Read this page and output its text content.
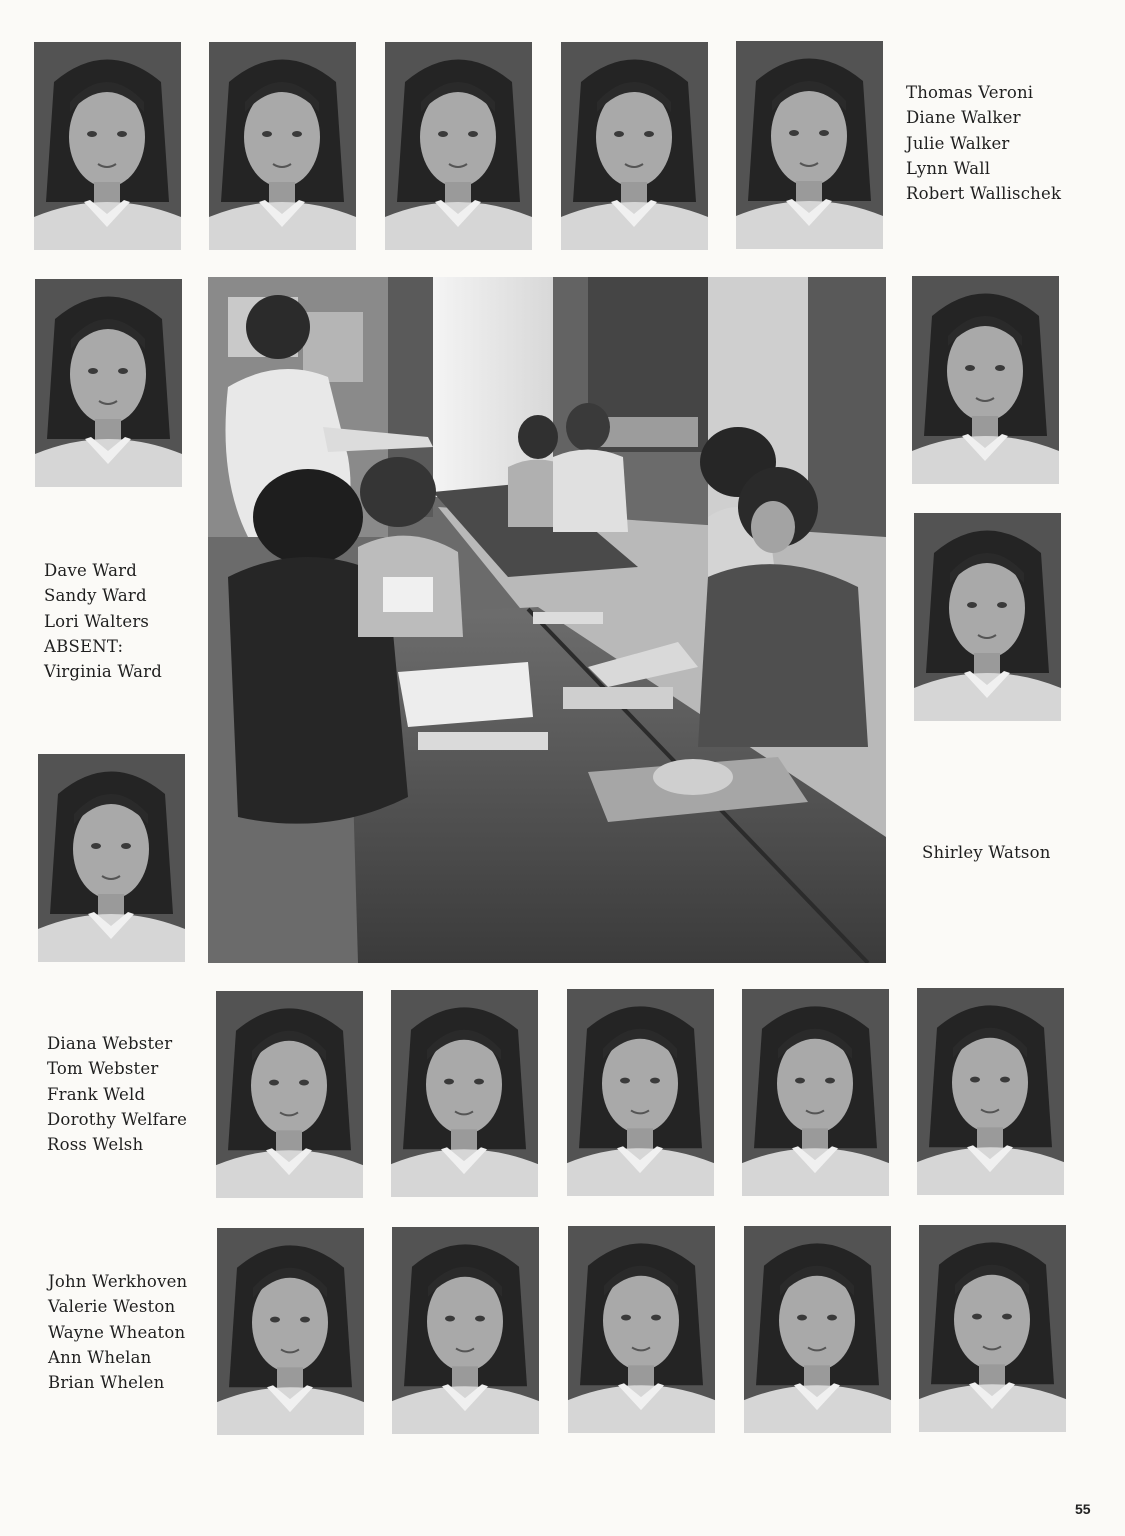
Thomas Veroni
Diane Walker
Julie Walker
Lynn Wall
Robert Wallischek
Dave Ward
Sandy Ward
Lori Walters
ABSENT:
Virginia Ward
Shirley Watson
Diana Webster
Tom Webster
Frank Weld
Dorothy Welfare
Ross Welsh
John Werkhoven
Valerie Weston
Wayne Wheaton
Ann Whelan
Brian Whelen
55
